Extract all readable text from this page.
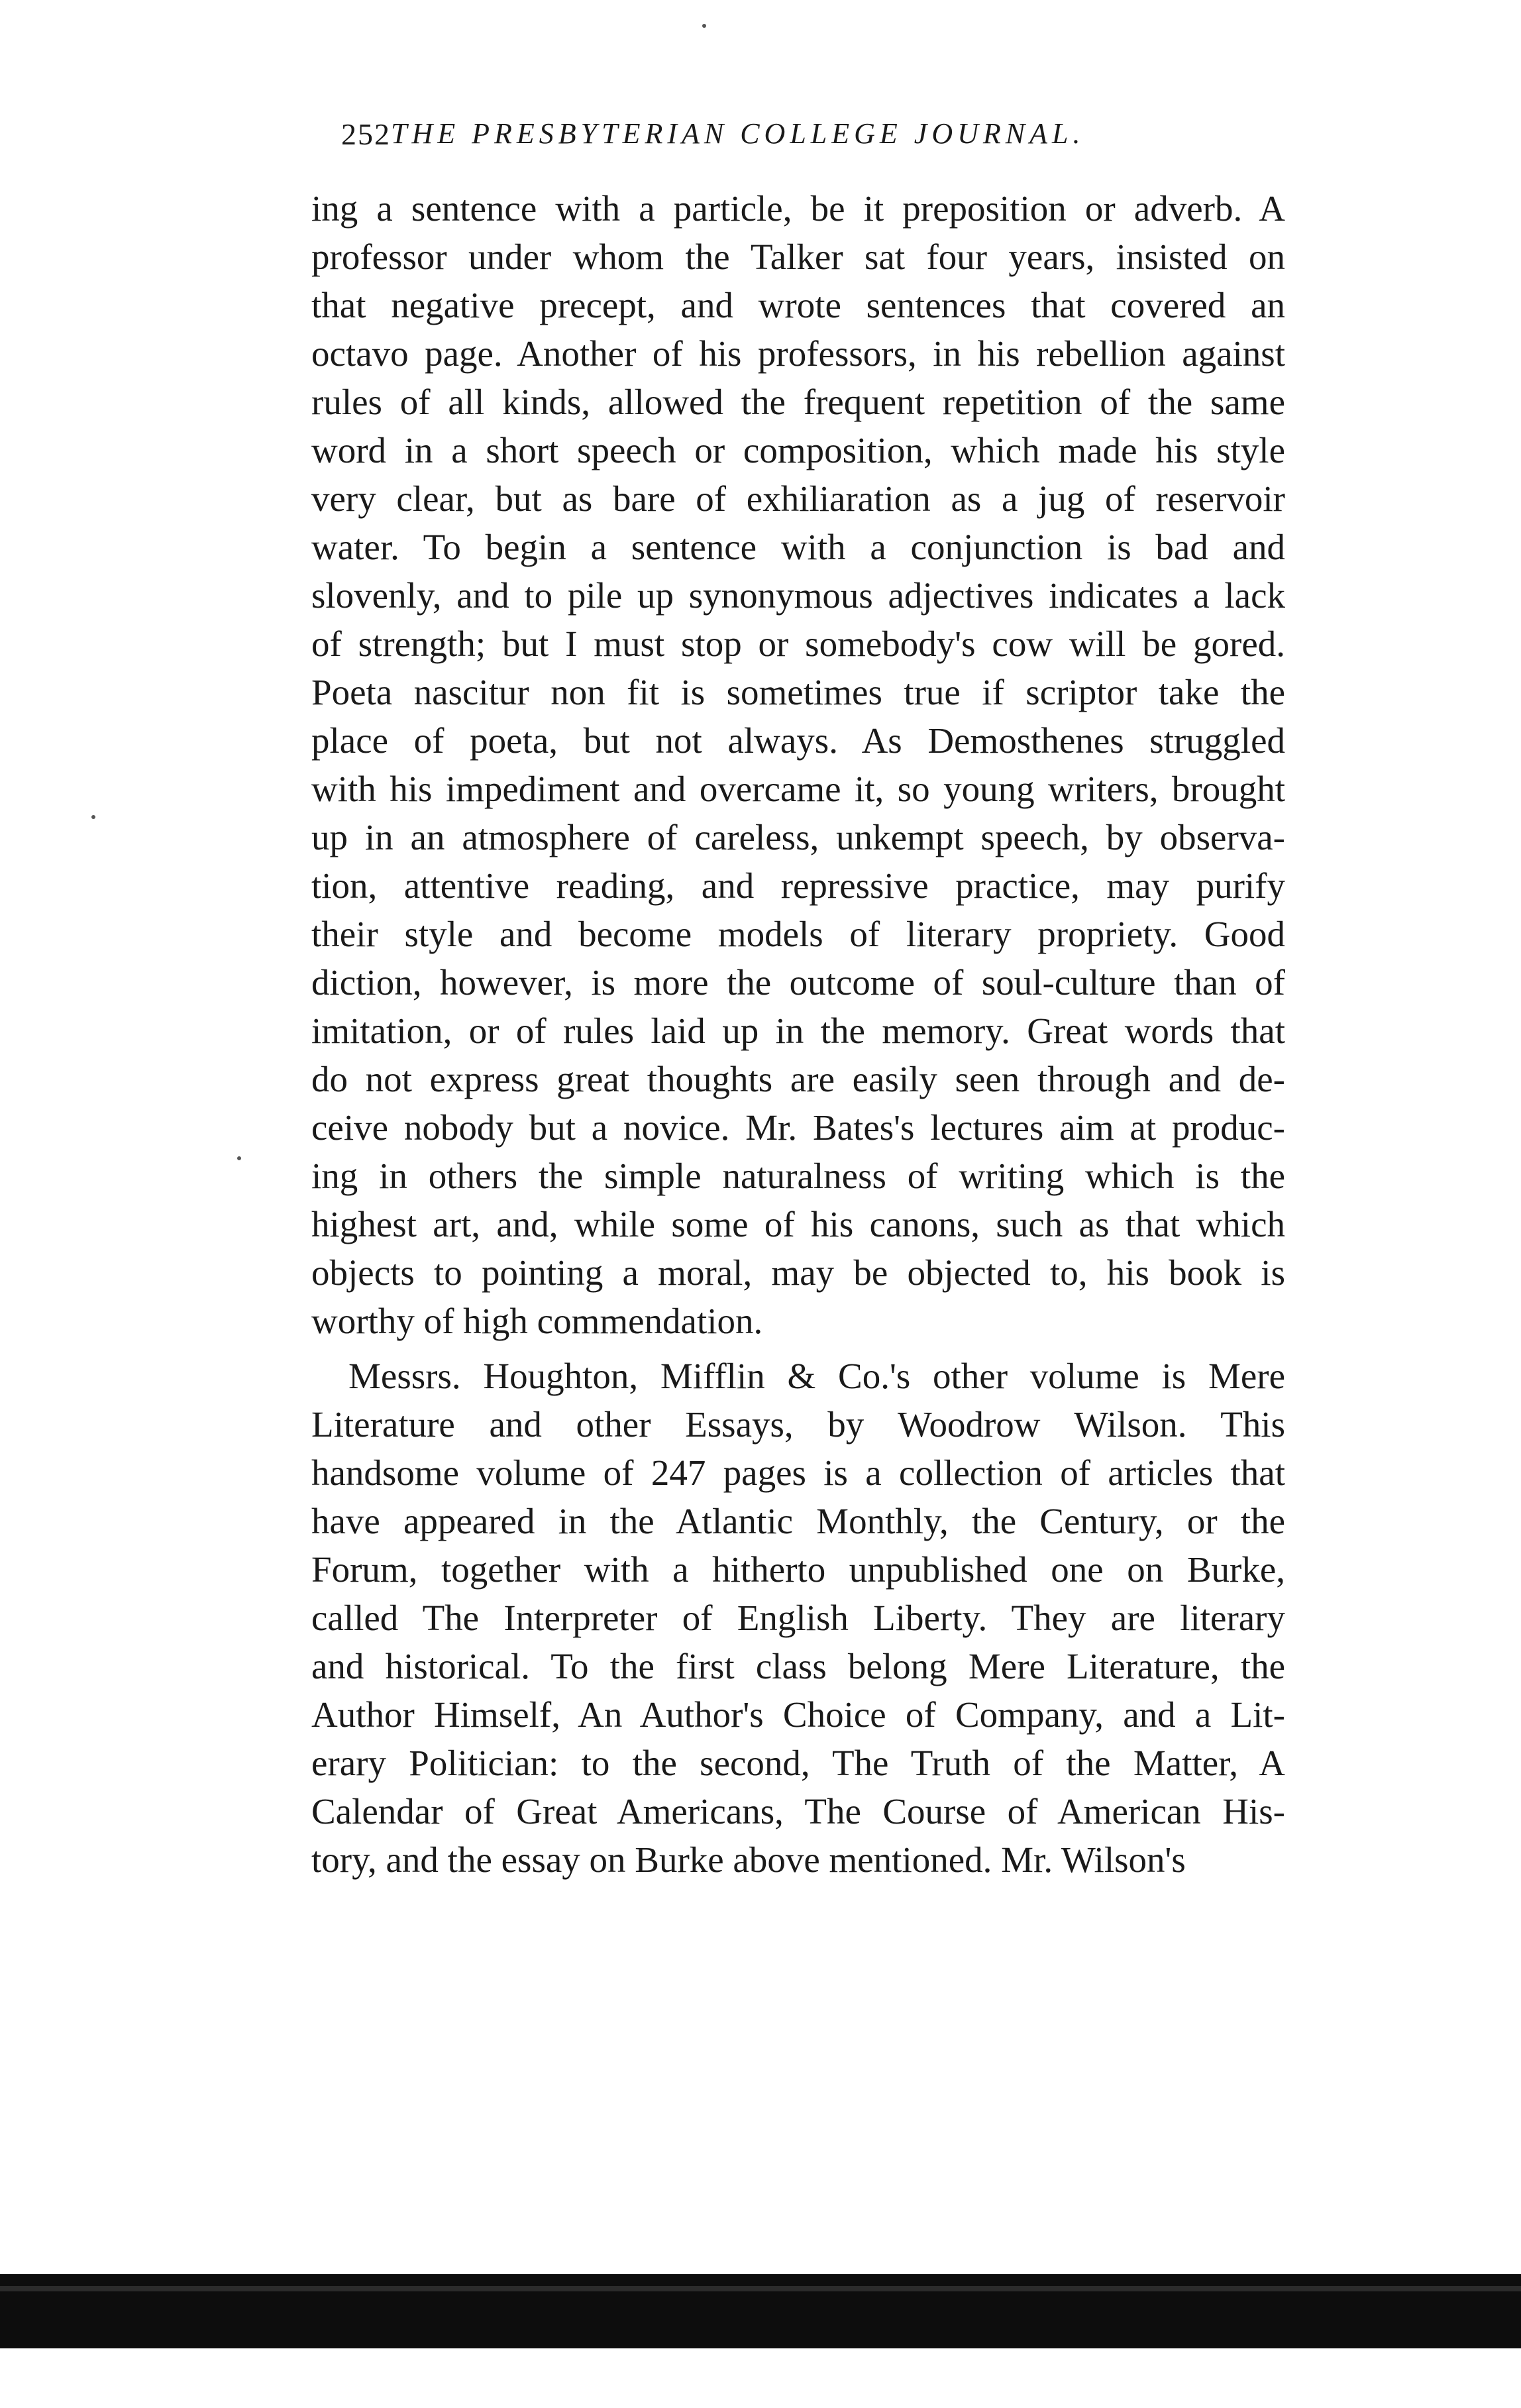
252 THE PRESBYTERIAN COLLEGE JOURNAL.
ing a sentence with a particle, be it preposition or adverb. A
professor under whom the Talker sat four years, insisted on
that negative precept, and wrote sentences that covered an
octavo page. Another of his professors, in his rebellion against
rules of all kinds, allowed the frequent repetition of the same
word in a short speech or composition, which made his style
very clear, but as bare of exhiliaration as a jug of reservoir
water. To begin a sentence with a conjunction is bad and
slovenly, and to pile up synonymous adjectives indicates a lack
of strength; but I must stop or somebody's cow will be gored.
Poeta nascitur non fit is sometimes true if scriptor take the
place of poeta, but not always. As Demosthenes struggled
with his impediment and overcame it, so young writers, brought
up in an atmosphere of careless, unkempt speech, by observa-
tion, attentive reading, and repressive practice, may purify
their style and become models of literary propriety. Good
diction, however, is more the outcome of soul-culture than of
imitation, or of rules laid up in the memory. Great words that
do not express great thoughts are easily seen through and de-
ceive nobody but a novice. Mr. Bates's lectures aim at produc-
ing in others the simple naturalness of writing which is the
highest art, and, while some of his canons, such as that which
objects to pointing a moral, may be objected to, his book is
worthy of high commendation.
Messrs. Houghton, Mifflin & Co.'s other volume is Mere
Literature and other Essays, by Woodrow Wilson. This
handsome volume of 247 pages is a collection of articles that
have appeared in the Atlantic Monthly, the Century, or the
Forum, together with a hitherto unpublished one on Burke,
called The Interpreter of English Liberty. They are literary
and historical. To the first class belong Mere Literature, the
Author Himself, An Author's Choice of Company, and a Lit-
erary Politician: to the second, The Truth of the Matter, A
Calendar of Great Americans, The Course of American His-
tory, and the essay on Burke above mentioned. Mr. Wilson's
